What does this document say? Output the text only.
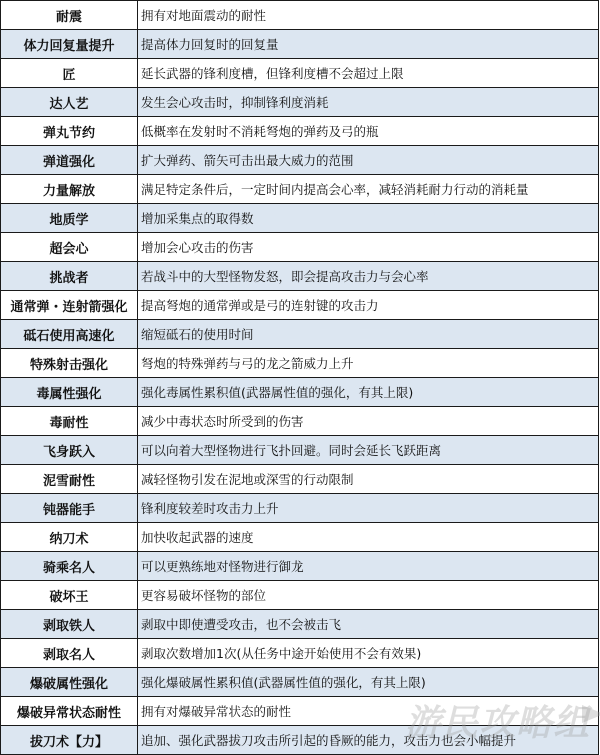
耐震	拥有对地面震动的耐性
体力回复量提升	提高体力回复时的回复量
匠	延长武器的锋利度槽，但锋利度槽不会超过上限
达人艺	发生会心攻击时，抑制锋利度消耗
弹丸节约	低概率在发射时不消耗弩炮的弹药及弓的瓶
弹道强化	扩大弹药、箭矢可击出最大威力的范围
力量解放	满足特定条件后，一定时间内提高会心率，减轻消耗耐力行动的消耗量
地质学	增加采集点的取得数
超会心	增加会心攻击的伤害
挑战者	若战斗中的大型怪物发怒，即会提高攻击力与会心率
通常弹・连射箭强化	提高弩炮的通常弹或是弓的连射键的攻击力
砥石使用高速化	缩短砥石的使用时间
特殊射击强化	弩炮的特殊弹药与弓的龙之箭威力上升
毒属性强化	强化毒属性累积值(武器属性值的强化，有其上限)
毒耐性	减少中毒状态时所受到的伤害
飞身跃入	可以向着大型怪物进行飞扑回避。同时会延长飞跃距离
泥雪耐性	减轻怪物引发在泥地或深雪的行动限制
钝器能手	锋利度较差时攻击力上升
纳刀术	加快收起武器的速度
骑乘名人	可以更熟练地对怪物进行御龙
破坏王	更容易破坏怪物的部位
剥取铁人	剥取中即使遭受攻击，也不会被击飞
剥取名人	剥取次数增加1次(从任务中途开始使用不会有效果)
爆破属性强化	强化爆破属性累积值(武器属性值的强化，有其上限)
爆破异常状态耐性	拥有对爆破异常状态的耐性
拔刀术【力】	追加、强化武器拔刀攻击所引起的昏厥的能力，攻击力也会小幅提升
游民攻略组
